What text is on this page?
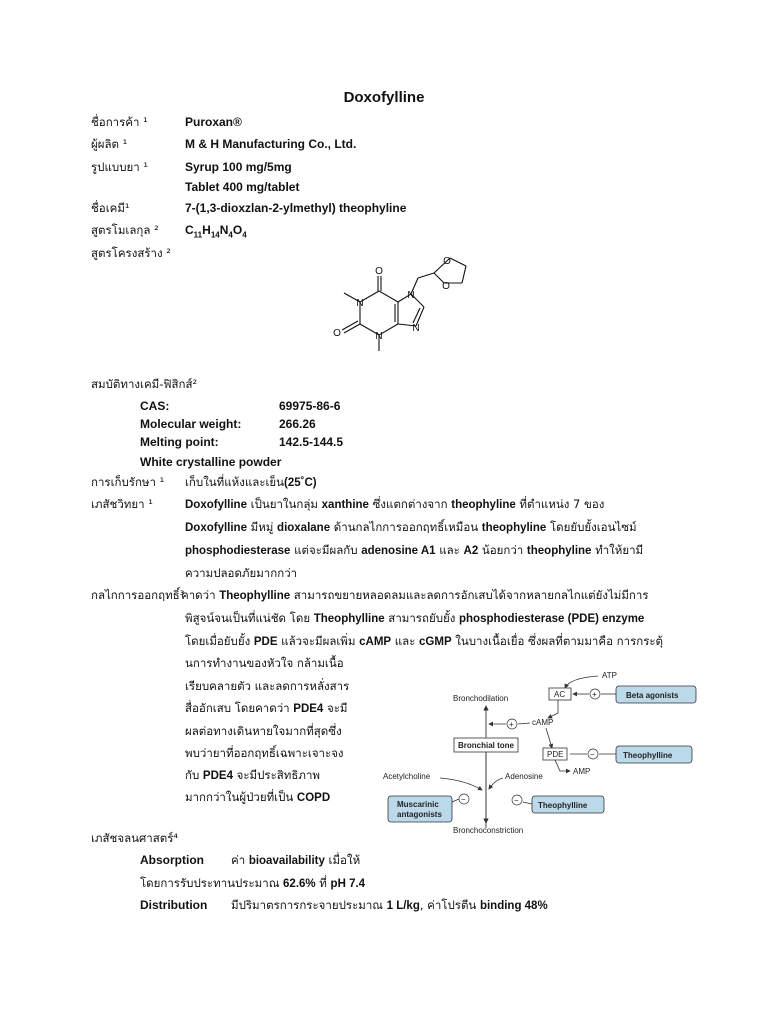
Doxofylline
ชื่อการค้า ¹	Puroxan®
ผู้ผลิต ¹	M & H Manufacturing Co., Ltd.
รูปแบบยา ¹	Syrup 100 mg/5mg
Tablet 400 mg/tablet
ชื่อเคมี¹	7-(1,3-dioxzlan-2-ylmethyl) theophyline
สูตรโมเลกุล ² $C_{11}H_{14}N_4O_4$
สูตรโครงสร้าง ²
O
O
O
O
N
N
N
N
สมบัติทางเคมี-ฟิสิกส์²
CAS:	69975-86-6
Molecular weight:	266.26
Melting point:	142.5-144.5
White crystalline powder
การเก็บรักษา ¹ เก็บในที่แห้งและเย็น(25˚C)
เภสัชวิทยา ¹	Doxofylline เป็นยาในกลุ่ม xanthine ซึ่งแตกต่างจาก theophyline ที่ตำแหน่ง 7 ของ
Doxofylline มีหมู่ dioxalane ด้านกลไกการออกฤทธิ์เหมือน theophyline โดยยับยั้งเอนไซม์
phosphodiesterase แต่จะมีผลกับ adenosine A1 และ A2 น้อยกว่า theophyline ทำให้ยามี
ความปลอดภัยมากกว่า
กลไกการออกฤทธิ์³
คาดว่า Theophylline สามารถขยายหลอดลมและลดการอักเสบได้จากหลายกลไกแต่ยังไม่มีการ
พิสูจน์จนเป็นที่แน่ชัด โดย Theophylline สามารถยับยั้ง phosphodiesterase (PDE) enzyme
โดยเมื่อยับยั้ง PDE แล้วจะมีผลเพิ่ม cAMP และ cGMP ในบางเนื้อเยื่อ ซึ่งผลที่ตามมาคือ การกระตุ้
นการทำงานของหัวใจ กล้ามเนื้อ
เรียบคลายตัว และลดการหลั่งสาร
สื่ออักเสบ โดยคาดว่า PDE4 จะมี
ผลต่อทางเดินหายใจมากที่สุดซึ่ง
พบว่ายาที่ออกฤทธิ์เฉพาะเจาะจง
กับ PDE4 จะมีประสิทธิภาพ
มากกว่าในผู้ป่วยที่เป็น COPD
ATP
AC	+	Beta agonists
cAMP
PDE	−	Theophylline
AMP
Bronchodilation
Bronchoconstriction
+
Bronchial tone
Acetylcholine
−
Muscarinic
antagonists
Adenosine
−
Theophylline
เภสัชจลนศาสตร์⁴
Absorption ค่า bioavailability เมื่อให้
โดยการรับประทานประมาณ 62.6% ที่ pH 7.4
Distribution มีปริมาตรการกระจายประมาณ 1 L/kg, ค่าโปรตีน binding 48%
